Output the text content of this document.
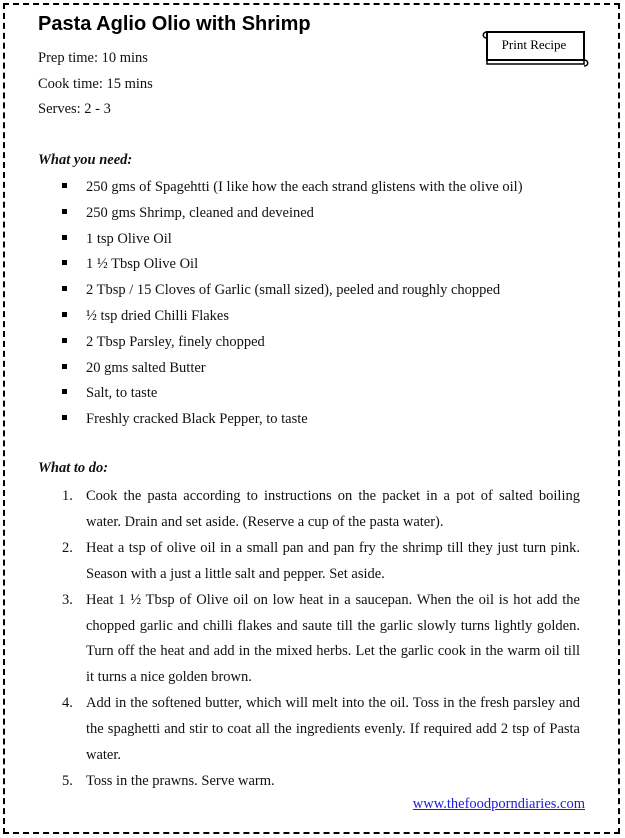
Pasta Aglio Olio with Shrimp
Print Recipe
Prep time: 10 mins
Cook time: 15 mins
Serves: 2 - 3
What you need:
250 gms of Spagehtti (I like how the each strand glistens with the olive oil)
250 gms Shrimp, cleaned and deveined
1 tsp Olive Oil
1 ½ Tbsp Olive Oil
2 Tbsp / 15 Cloves of Garlic (small sized), peeled and roughly chopped
½ tsp dried Chilli Flakes
2 Tbsp Parsley, finely chopped
20 gms salted Butter
Salt, to taste
Freshly cracked Black Pepper, to taste
What to do:
1. Cook the pasta according to instructions on the packet in a pot of salted boiling water. Drain and set aside. (Reserve a cup of the pasta water).
2. Heat a tsp of olive oil in a small pan and pan fry the shrimp till they just turn pink. Season with a just a little salt and pepper. Set aside.
3. Heat 1 ½ Tbsp of Olive oil on low heat in a saucepan. When the oil is hot add the chopped garlic and chilli flakes and saute till the garlic slowly turns lightly golden. Turn off the heat and add in the mixed herbs. Let the garlic cook in the warm oil till it turns a nice golden brown.
4. Add in the softened butter, which will melt into the oil. Toss in the fresh parsley and the spaghetti and stir to coat all the ingredients evenly. If required add 2 tsp of Pasta water.
5. Toss in the prawns. Serve warm.
www.thefoodporndiaries.com
